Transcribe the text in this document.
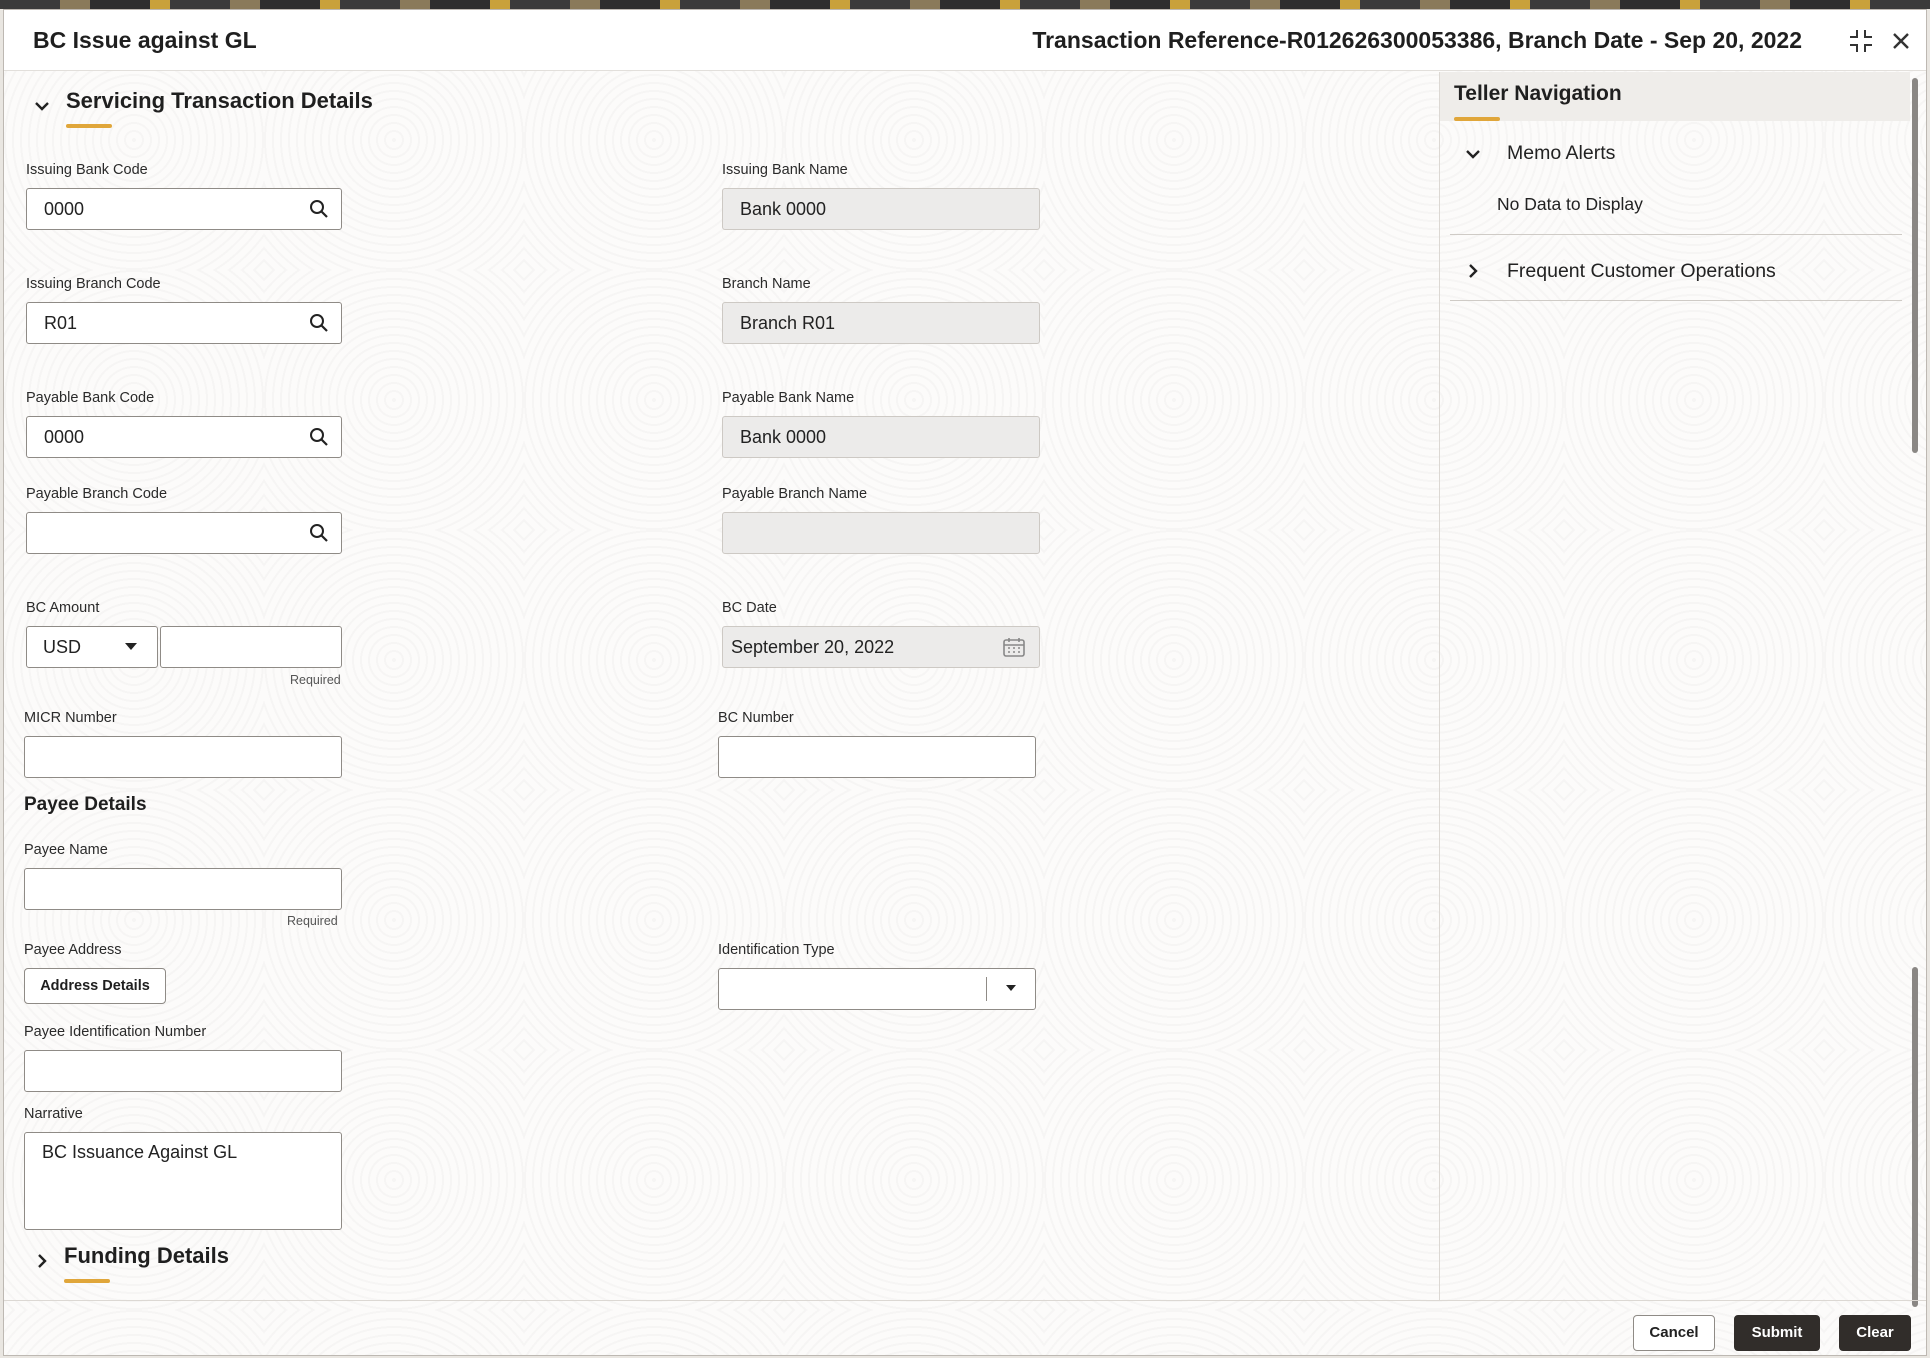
BC Issue against GL	Transaction Reference-R012626300053386, Branch Date - Sep 20, 2022
Servicing Transaction Details
Issuing Bank Code
0000
Issuing Bank Name
Bank 0000
Issuing Branch Code
R01
Branch Name
Branch R01
Payable Bank Code
0000
Payable Bank Name
Bank 0000
Payable Branch Code	Payable Branch Name
BC Amount
USD
Required
BC Date
September 20, 2022
MICR Number	BC Number
Payee Details
Payee Name
Required
Payee Address
Address Details
Identification Type
Payee Identification Number
Narrative
BC Issuance Against GL
Funding Details
Teller Navigation
Memo Alerts
No Data to Display
Frequent Customer Operations
Cancel	Submit	Clear
